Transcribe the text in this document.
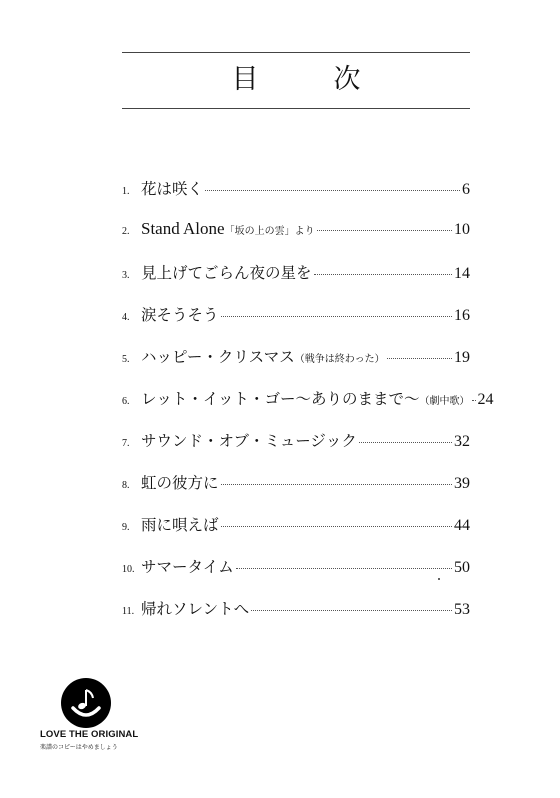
目　次
1. 花は咲く	6
2. Stand Alone 「坂の上の雲」より	10
3. 見上げてごらん夜の星を	14
4. 涙そうそう	16
5. ハッピー・クリスマス （戦争は終わった）	19
6. レット・イット・ゴー～ありのままで～ （劇中歌） 24
7. サウンド・オブ・ミュージック	32
8. 虹の彼方に	39
9. 雨に唄えば	44
10. サマータイム	50
11. 帰れソレントへ	53
LOVE THE ORIGINAL
楽譜のコピーはやめましょう
